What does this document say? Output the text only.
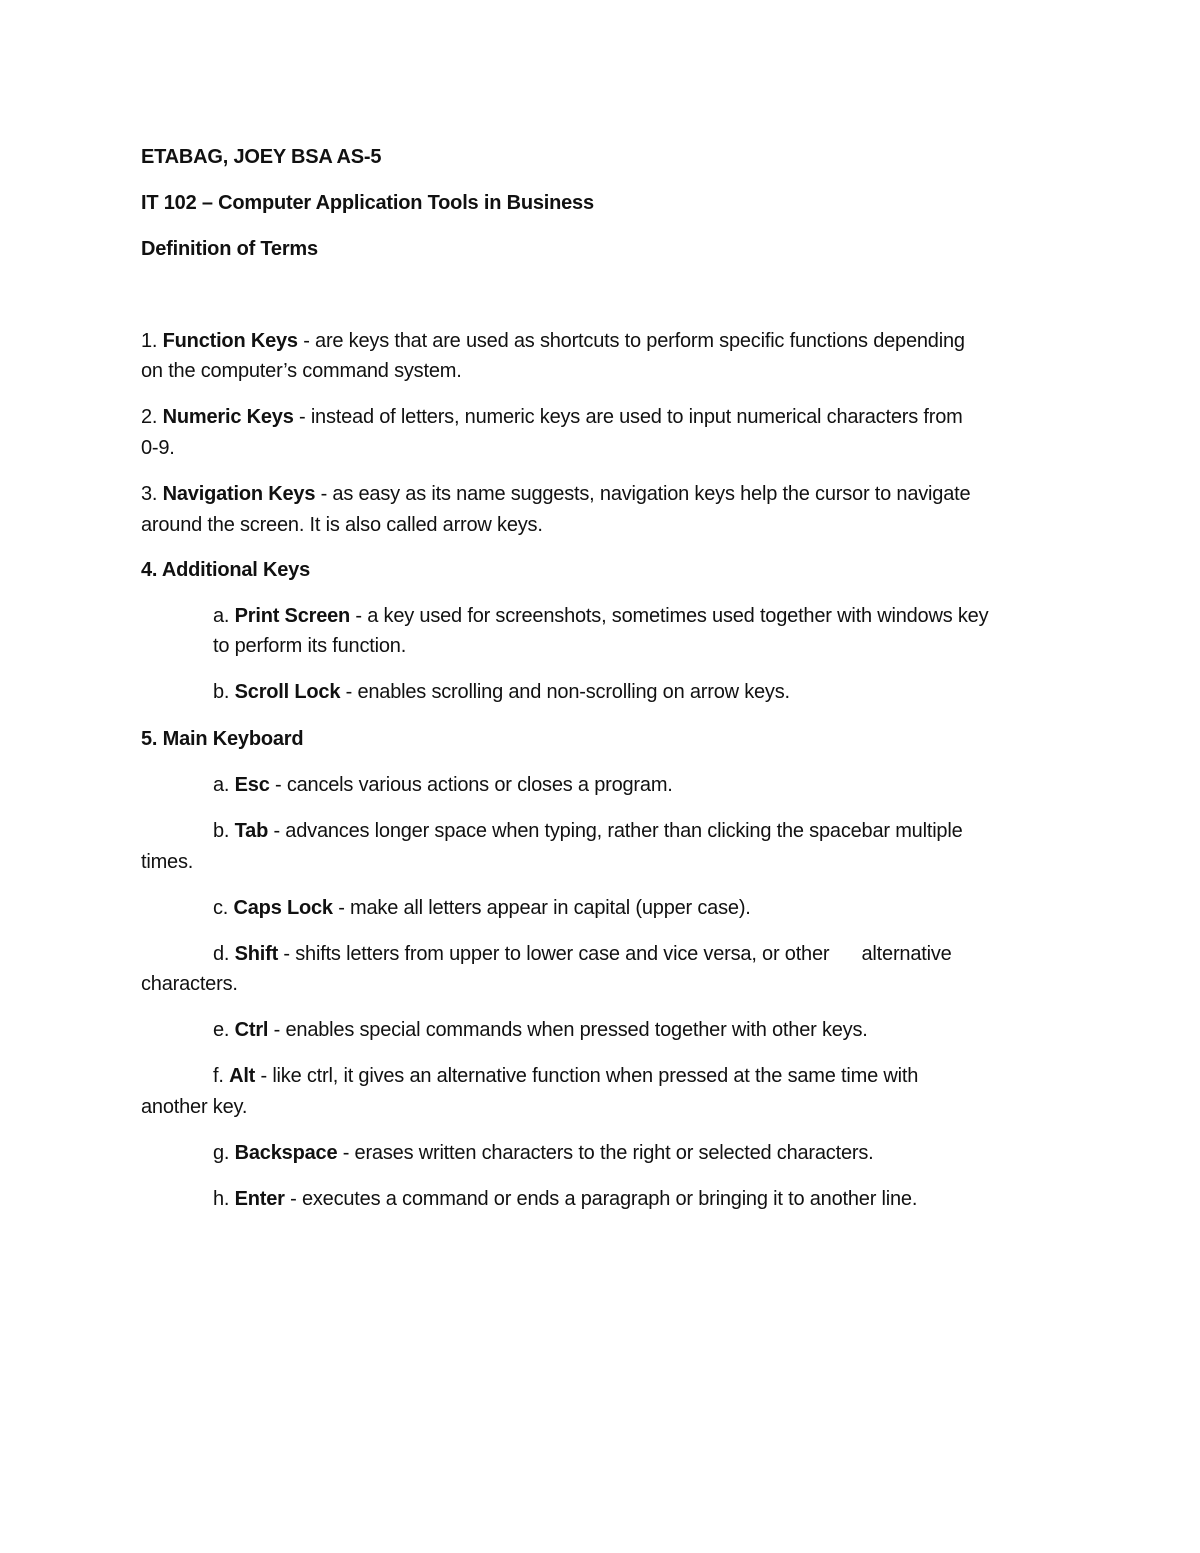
ETABAG, JOEY BSA AS-5
IT 102 – Computer Application Tools in Business
Definition of Terms
1. Function Keys - are keys that are used as shortcuts to perform specific functions depending
on the computer’s command system.
2. Numeric Keys - instead of letters, numeric keys are used to input numerical characters from
0-9.
3. Navigation Keys - as easy as its name suggests, navigation keys help the cursor to navigate
around the screen. It is also called arrow keys.
4. Additional Keys
a. Print Screen - a key used for screenshots, sometimes used together with windows key
to perform its function.
b. Scroll Lock - enables scrolling and non-scrolling on arrow keys.
5. Main Keyboard
a. Esc - cancels various actions or closes a program.
b. Tab - advances longer space when typing, rather than clicking the spacebar multiple
times.
c. Caps Lock - make all letters appear in capital (upper case).
d. Shift - shifts letters from upper to lower case and vice versa, or other      alternative
characters.
e. Ctrl - enables special commands when pressed together with other keys.
f. Alt - like ctrl, it gives an alternative function when pressed at the same time with
another key.
g. Backspace - erases written characters to the right or selected characters.
h. Enter - executes a command or ends a paragraph or bringing it to another line.
